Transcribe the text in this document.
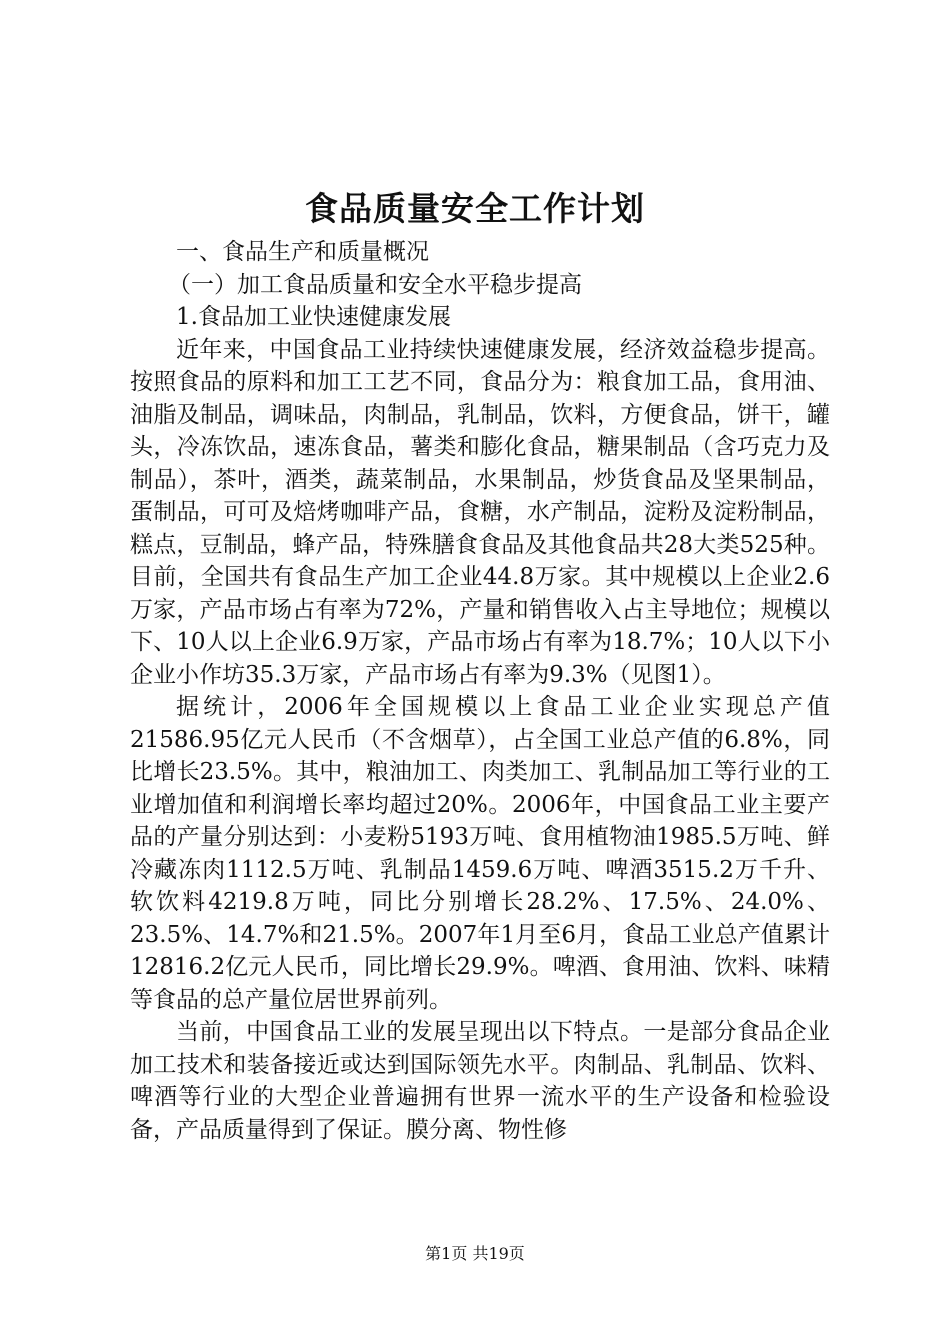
食品质量安全工作计划

一、食品生产和质量概况

（一）加工食品质量和安全水平稳步提高

1.食品加工业快速健康发展

近年来，中国食品工业持续快速健康发展，经济效益稳步提高。按照食品的原料和加工工艺不同，食品分为：粮食加工品，食用油、油脂及制品，调味品，肉制品，乳制品，饮料，方便食品，饼干，罐头，冷冻饮品，速冻食品，薯类和膨化食品，糖果制品（含巧克力及制品），茶叶，酒类，蔬菜制品，水果制品，炒货食品及坚果制品，蛋制品，可可及焙烤咖啡产品，食糖，水产制品，淀粉及淀粉制品，糕点，豆制品，蜂产品，特殊膳食食品及其他食品共28大类525种。目前，全国共有食品生产加工企业44.8万家。其中规模以上企业2.6万家，产品市场占有率为72%，产量和销售收入占主导地位；规模以下、10人以上企业6.9万家，产品市场占有率为18.7%；10人以下小企业小作坊35.3万家，产品市场占有率为9.3%（见图1）。

据统计，2006年全国规模以上食品工业企业实现总产值21586.95亿元人民币（不含烟草），占全国工业总产值的6.8%，同比增长23.5%。其中，粮油加工、肉类加工、乳制品加工等行业的工业增加值和利润增长率均超过20%。2006年，中国食品工业主要产品的产量分别达到：小麦粉5193万吨、食用植物油1985.5万吨、鲜冷藏冻肉1112.5万吨、乳制品1459.6万吨、啤酒3515.2万千升、软饮料4219.8万吨，同比分别增长28.2%、17.5%、24.0%、23.5%、14.7%和21.5%。2007年1月至6月，食品工业总产值累计12816.2亿元人民币，同比增长29.9%。啤酒、食用油、饮料、味精等食品的总产量位居世界前列。

当前，中国食品工业的发展呈现出以下特点。一是部分食品企业加工技术和装备接近或达到国际领先水平。肉制品、乳制品、饮料、啤酒等行业的大型企业普遍拥有世界一流水平的生产设备和检验设备，产品质量得到了保证。膜分离、物性修

第1页 共19页
